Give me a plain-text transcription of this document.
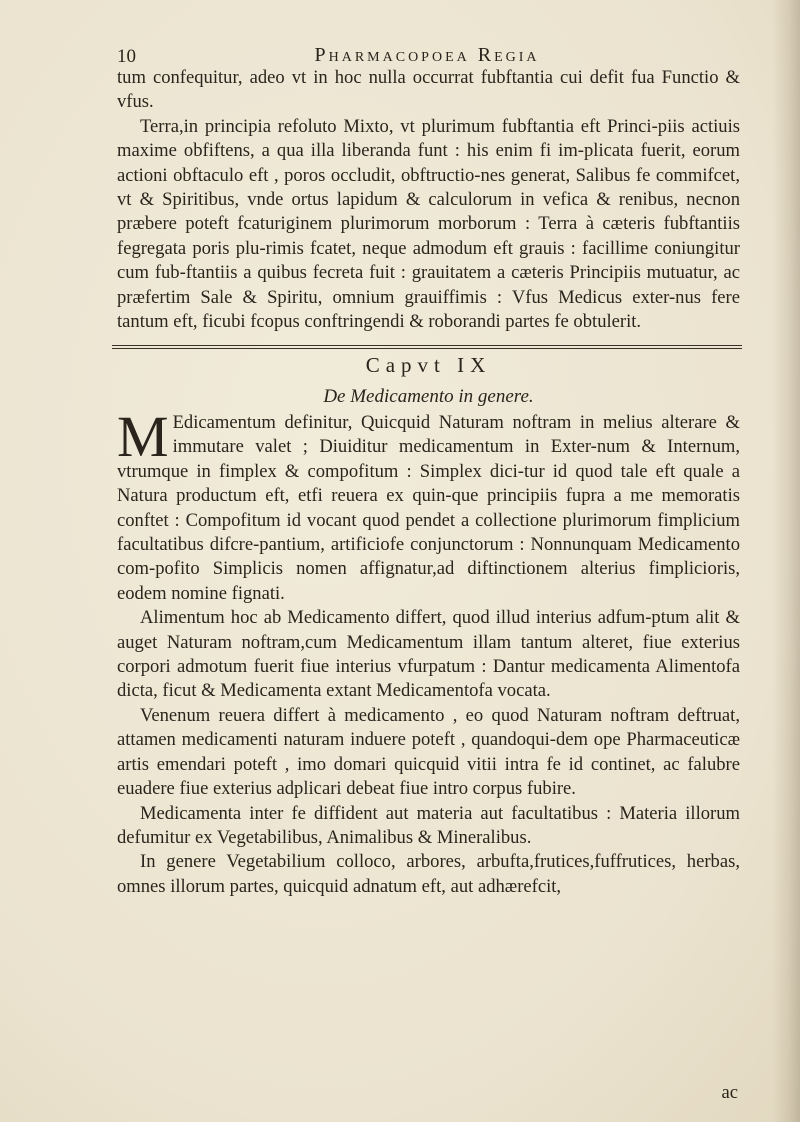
10	Pharmacopoea Regia

tum confequitur, adeo vt in hoc nulla occurrat fubftantia cui defit fua Functio & vfus.

Terra,in principia refoluto Mixto, vt plurimum fubftantia eft Princi-piis actiuis maxime obfiftens, a qua illa liberanda funt : his enim fi im-plicata fuerit, eorum actioni obftaculo eft , poros occludit, obftructio-nes generat, Salibus fe commifcet, vt & Spiritibus, vnde ortus lapidum & calculorum in vefica & renibus, necnon præbere poteft fcaturiginem plurimorum morborum : Terra à cæteris fubftantiis fegregata poris plu-rimis fcatet, neque admodum eft grauis : facillime coniungitur cum fub-ftantiis a quibus fecreta fuit : grauitatem a cæteris Principiis mutuatur, ac præfertim Sale & Spiritu, omnium grauiffimis : Vfus Medicus exter-nus fere tantum eft, ficubi fcopus conftringendi & roborandi partes fe obtulerit.

Capvt IX
De Medicamento in genere.

M Edicamentum definitur, Quicquid Naturam noftram in melius alterare & immutare valet ; Diuiditur medicamentum in Exter-num & Internum, vtrumque in fimplex & compofitum : Simplex dici-tur id quod tale eft quale a Natura productum eft, etfi reuera ex quin-que principiis fupra a me memoratis conftet : Compofitum id vocant quod pendet a collectione plurimorum fimplicium facultatibus difcre-pantium, artificiofe conjunctorum : Nonnunquam Medicamento com-pofito Simplicis nomen affignatur,ad diftinctionem alterius fimplicioris, eodem nomine fignati.

Alimentum hoc ab Medicamento differt, quod illud interius adfum-ptum alit & auget Naturam noftram,cum Medicamentum illam tantum alteret, fiue exterius corpori admotum fuerit fiue interius vfurpatum : Dantur medicamenta Alimentofa dicta, ficut & Medicamenta extant Medicamentofa vocata.

Venenum reuera differt à medicamento , eo quod Naturam noftram deftruat, attamen medicamenti naturam induere poteft , quandoqui-dem ope Pharmaceuticæ artis emendari poteft , imo domari quicquid vitii intra fe id continet, ac falubre euadere fiue exterius adplicari debeat fiue intro corpus fubire.

Medicamenta inter fe diffident aut materia aut facultatibus : Materia illorum defumitur ex Vegetabilibus, Animalibus & Mineralibus.

In genere Vegetabilium colloco, arbores, arbufta,frutices,fuffrutices, herbas, omnes illorum partes, quicquid adnatum eft, aut adhærefcit,

ac
